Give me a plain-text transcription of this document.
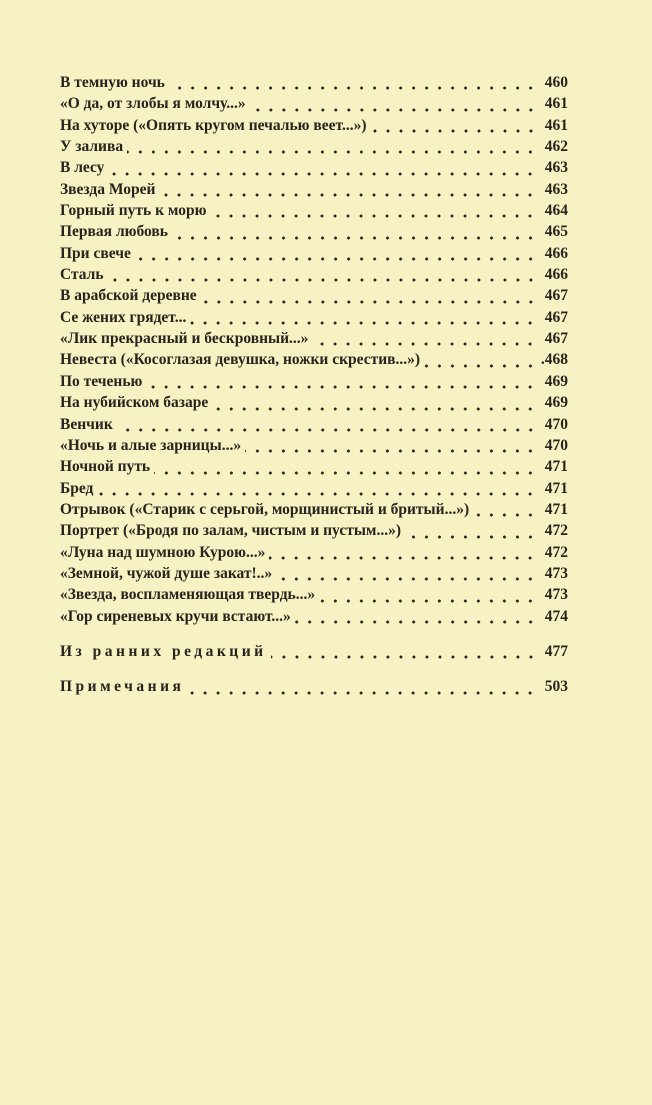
В темную ночь	460
«О да, от злобы я молчу...»	461
На хуторе («Опять кругом печалью веет...»)	461
У залива	462
В лесу	463
Звезда Морей	463
Горный путь к морю	464
Первая любовь	465
При свече	466
Сталь	466
В арабской деревне	467
Се жених грядет...	467
«Лик прекрасный и бескровный...»	467
Невеста («Косоглазая девушка, ножки скрестив...»)	.468
По теченью	469
На нубийском базаре	469
Венчик	470
«Ночь и алые зарницы...»	470
Ночной путь	471
Бред	471
Отрывок («Старик с серьгой, морщинистый и бритый...»)	471
Портрет («Бродя по залам, чистым и пустым...»)	472
«Луна над шумною Курою...»	472
«Земной, чужой душе закат!..»	473
«Звезда, воспламеняющая твердь...»	473
«Гор сиреневых кручи встают...»	474
Из ранних редакций	477
Примечания	503
